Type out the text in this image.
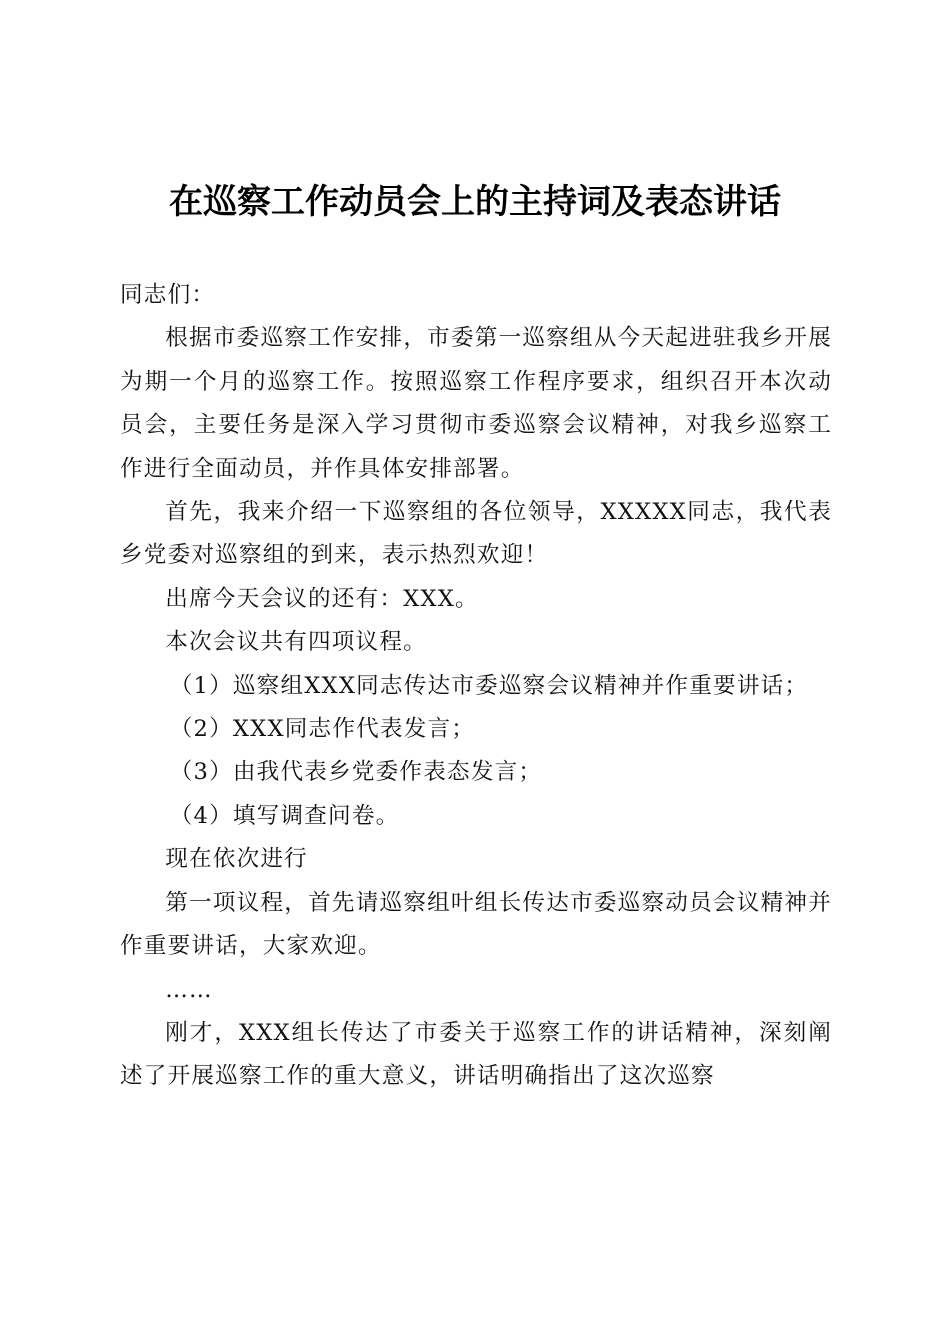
在巡察工作动员会上的主持词及表态讲话

同志们：

根据市委巡察工作安排，市委第一巡察组从今天起进驻我乡开展为期一个月的巡察工作。按照巡察工作程序要求，组织召开本次动员会，主要任务是深入学习贯彻市委巡察会议精神，对我乡巡察工作进行全面动员，并作具体安排部署。

首先，我来介绍一下巡察组的各位领导，XXXXX同志，我代表乡党委对巡察组的到来，表示热烈欢迎！

出席今天会议的还有：XXX。

本次会议共有四项议程。

（1）巡察组XXX同志传达市委巡察会议精神并作重要讲话；

（2）XXX同志作代表发言；

（3）由我代表乡党委作表态发言；

（4）填写调查问卷。

现在依次进行

第一项议程，首先请巡察组叶组长传达市委巡察动员会议精神并作重要讲话，大家欢迎。

……

刚才，XXX组长传达了市委关于巡察工作的讲话精神，深刻阐述了开展巡察工作的重大意义，讲话明确指出了这次巡察
